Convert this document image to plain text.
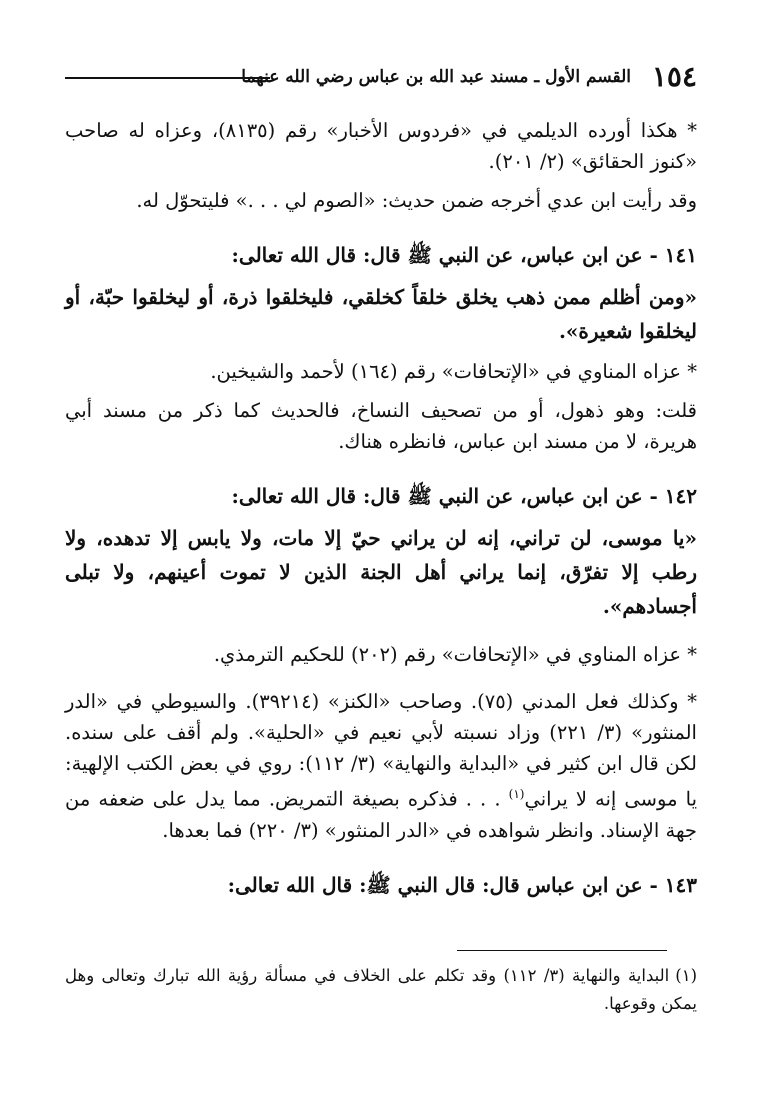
١٥٤
القسم الأول ـ مسند عبد الله بن عباس رضي الله عنهما

* هكذا أورده الديلمي في «فردوس الأخبار» رقم (٨١٣٥)، وعزاه له صاحب «كنوز الحقائق» (٢/ ٢٠١).

وقد رأيت ابن عدي أخرجه ضمن حديث: «الصوم لي . . .» فليتحوّل له.

١٤١ - عن ابن عباس، عن النبي ﷺ قال: قال الله تعالى:

«ومن أظلم ممن ذهب يخلق خلقاً كخلقي، فليخلقوا ذرة، أو ليخلقوا حبّة، أو ليخلقوا شعيرة».

* عزاه المناوي في «الإتحافات» رقم (١٦٤) لأحمد والشيخين.

قلت: وهو ذهول، أو من تصحيف النساخ، فالحديث كما ذكر من مسند أبي هريرة، لا من مسند ابن عباس، فانظره هناك.

١٤٢ - عن ابن عباس، عن النبي ﷺ قال: قال الله تعالى:

«يا موسى، لن تراني، إنه لن يراني حيّ إلا مات، ولا يابس إلا تدهده، ولا رطب إلا تفرّق، إنما يراني أهل الجنة الذين لا تموت أعينهم، ولا تبلى أجسادهم».

* عزاه المناوي في «الإتحافات» رقم (٢٠٢) للحكيم الترمذي.

* وكذلك فعل المدني (٧٥). وصاحب «الكنز» (٣٩٢١٤). والسيوطي في «الدر المنثور» (٣/ ٢٢١) وزاد نسبته لأبي نعيم في «الحلية». ولم أقف على سنده. لكن قال ابن كثير في «البداية والنهاية» (٣/ ١١٢): روي في بعض الكتب الإلهية: يا موسى إنه لا يراني$^{(١)}$ . . . فذكره بصيغة التمريض. مما يدل على ضعفه من جهة الإسناد. وانظر شواهده في «الدر المنثور» (٣/ ٢٢٠) فما بعدها.

١٤٣ - عن ابن عباس قال: قال النبي ﷺ: قال الله تعالى:

(١)البداية والنهاية (٣/ ١١٢) وقد تكلم على الخلاف في مسألة رؤية الله تبارك وتعالى وهل يمكن وقوعها.
